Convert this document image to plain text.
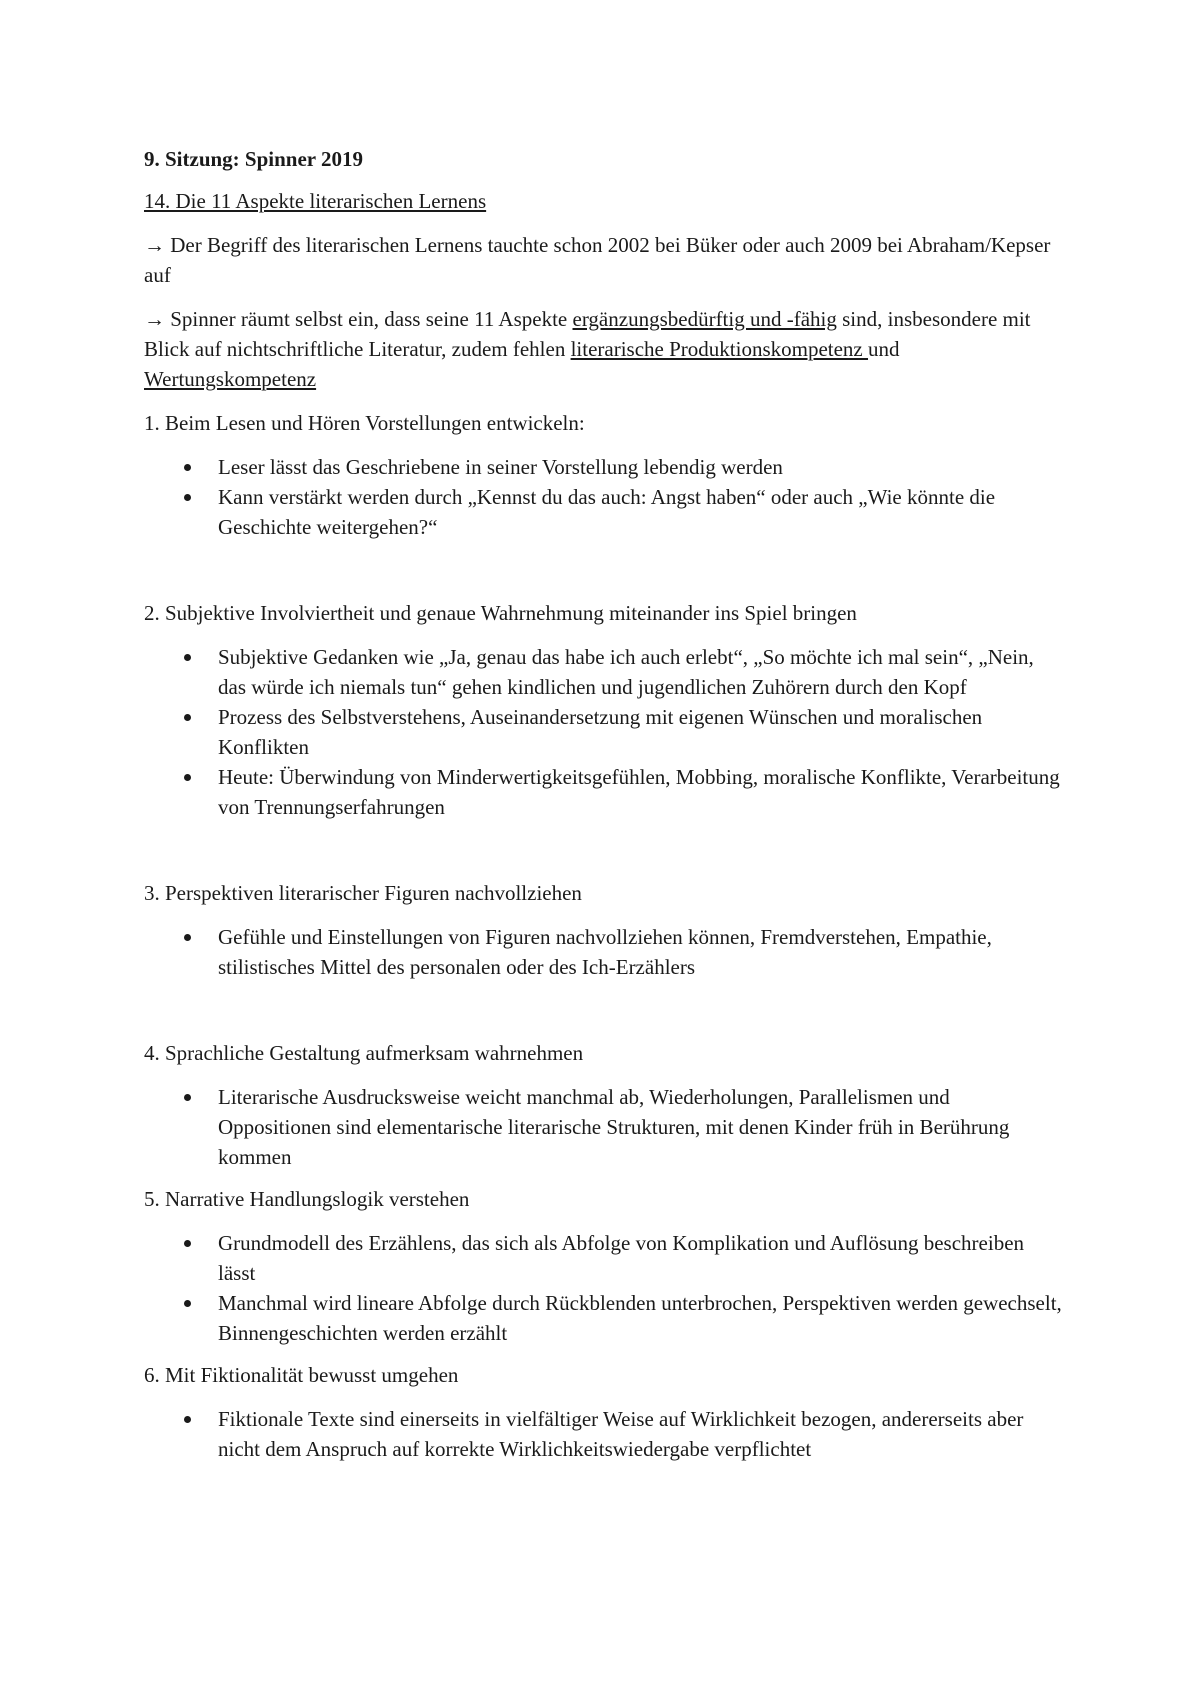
9. Sitzung: Spinner 2019
14. Die 11 Aspekte literarischen Lernens

→ Der Begriff des literarischen Lernens tauchte schon 2002 bei Büker oder auch 2009 bei Abraham/Kepser auf

→ Spinner räumt selbst ein, dass seine 11 Aspekte ergänzungsbedürftig und -fähig sind, insbesondere mit Blick auf nichtschriftliche Literatur, zudem fehlen literarische Produktionskompetenz und Wertungskompetenz

1. Beim Lesen und Hören Vorstellungen entwickeln:
Leser lässt das Geschriebene in seiner Vorstellung lebendig werden
Kann verstärkt werden durch „Kennst du das auch: Angst haben“ oder auch „Wie könnte die Geschichte weitergehen?“
2. Subjektive Involviertheit und genaue Wahrnehmung miteinander ins Spiel bringen
Subjektive Gedanken wie „Ja, genau das habe ich auch erlebt“, „So möchte ich mal sein“, „Nein, das würde ich niemals tun“ gehen kindlichen und jugendlichen Zuhörern durch den Kopf
Prozess des Selbstverstehens, Auseinandersetzung mit eigenen Wünschen und moralischen Konflikten
Heute: Überwindung von Minderwertigkeitsgefühlen, Mobbing, moralische Konflikte, Verarbeitung von Trennungserfahrungen
3. Perspektiven literarischer Figuren nachvollziehen
Gefühle und Einstellungen von Figuren nachvollziehen können, Fremdverstehen, Empathie, stilistisches Mittel des personalen oder des Ich-Erzählers
4. Sprachliche Gestaltung aufmerksam wahrnehmen
Literarische Ausdrucksweise weicht manchmal ab, Wiederholungen, Parallelismen und Oppositionen sind elementarische literarische Strukturen, mit denen Kinder früh in Berührung kommen
5. Narrative Handlungslogik verstehen
Grundmodell des Erzählens, das sich als Abfolge von Komplikation und Auflösung beschreiben lässt
Manchmal wird lineare Abfolge durch Rückblenden unterbrochen, Perspektiven werden gewechselt, Binnengeschichten werden erzählt
6. Mit Fiktionalität bewusst umgehen
Fiktionale Texte sind einerseits in vielfältiger Weise auf Wirklichkeit bezogen, andererseits aber nicht dem Anspruch auf korrekte Wirklichkeitswiedergabe verpflichtet
